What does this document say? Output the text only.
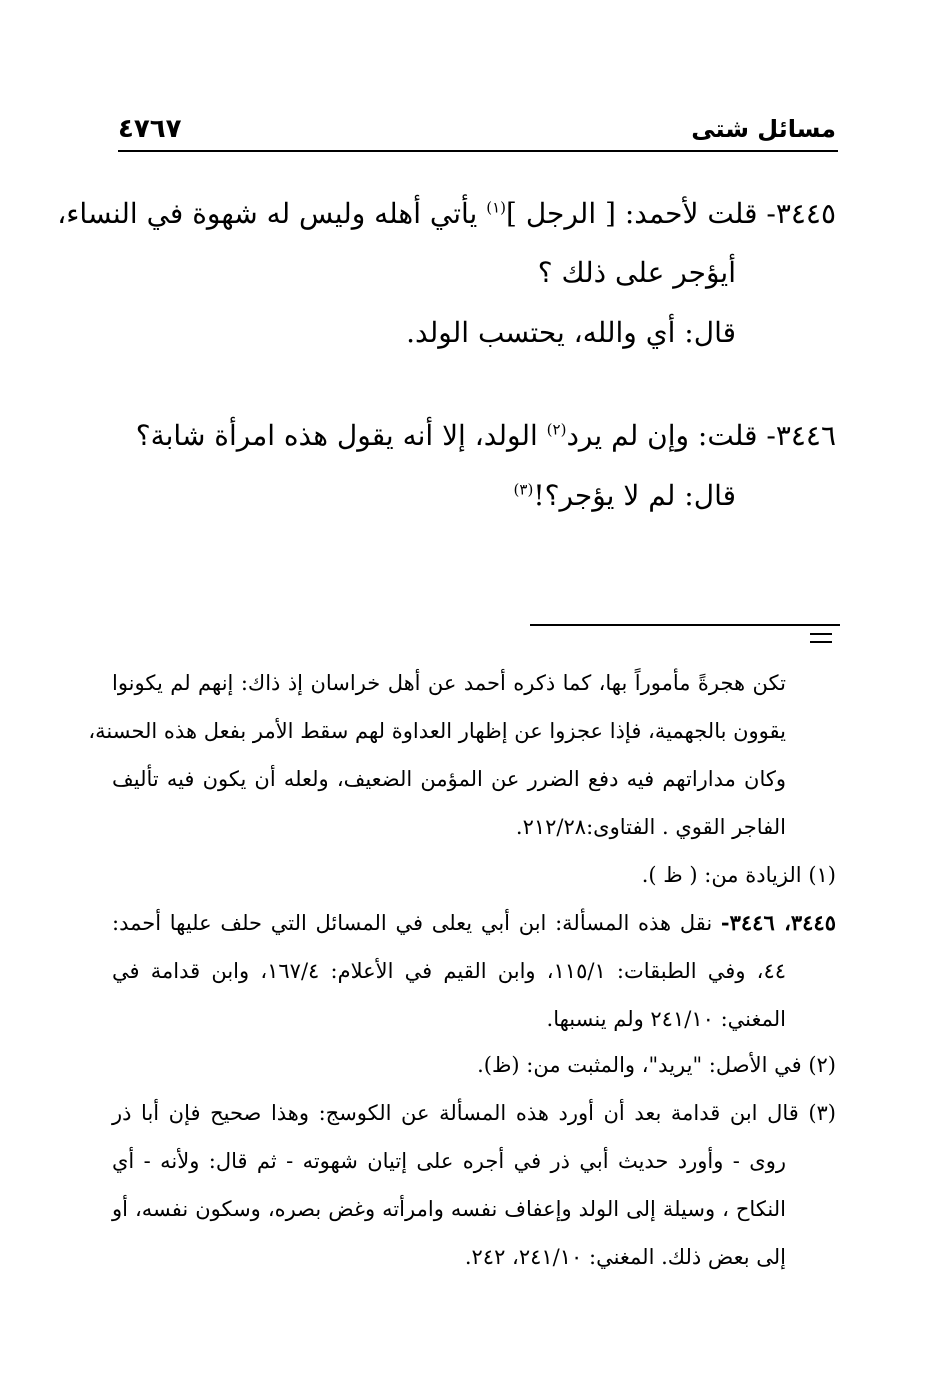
٤٧٦٧	مسائل شتى
٣٤٤٥- قلت لأحمد: [ الرجل ]$^{(١)}$ يأتي أهله وليس له شهوة في النساء،
أيؤجر على ذلك ؟
قال: أي والله، يحتسب الولد.
٣٤٤٦- قلت: وإن لم يرد$^{(٢)}$ الولد، إلا أنه يقول هذه امرأة شابة؟
قال: لم لا يؤجر؟!$^{(٣)}$
تكن هجرةً مأموراً بها، كما ذكره أحمد عن أهل خراسان إذ ذاك: إنهم لم يكونوا
يقوون بالجهمية، فإذا عجزوا عن إظهار العداوة لهم سقط الأمر بفعل هذه الحسنة،
وكان مداراتهم فيه دفع الضرر عن المؤمن الضعيف، ولعله أن يكون فيه تأليف
الفاجر القوي . الفتاوى:٢١٢/٢٨.
(١) الزيادة من: ( ظ ).
٣٤٤٥، ٣٤٤٦- نقل هذه المسألة: ابن أبي يعلى في المسائل التي حلف عليها أحمد:
٤٤، وفي الطبقات: ١١٥/١، وابن القيم في الأعلام: ١٦٧/٤، وابن قدامة في
المغني: ٢٤١/١٠ ولم ينسبها.
(٢) في الأصل: "يريد"، والمثبت من: (ظ).
(٣) قال ابن قدامة بعد أن أورد هذه المسألة عن الكوسج: وهذا صحيح فإن أبا ذر
روى - وأورد حديث أبي ذر في أجره على إتيان شهوته - ثم قال: ولأنه - أي
النكاح ، وسيلة إلى الولد وإعفاف نفسه وامرأته وغض بصره، وسكون نفسه، أو
إلى بعض ذلك. المغني: ٢٤١/١٠، ٢٤٢.
